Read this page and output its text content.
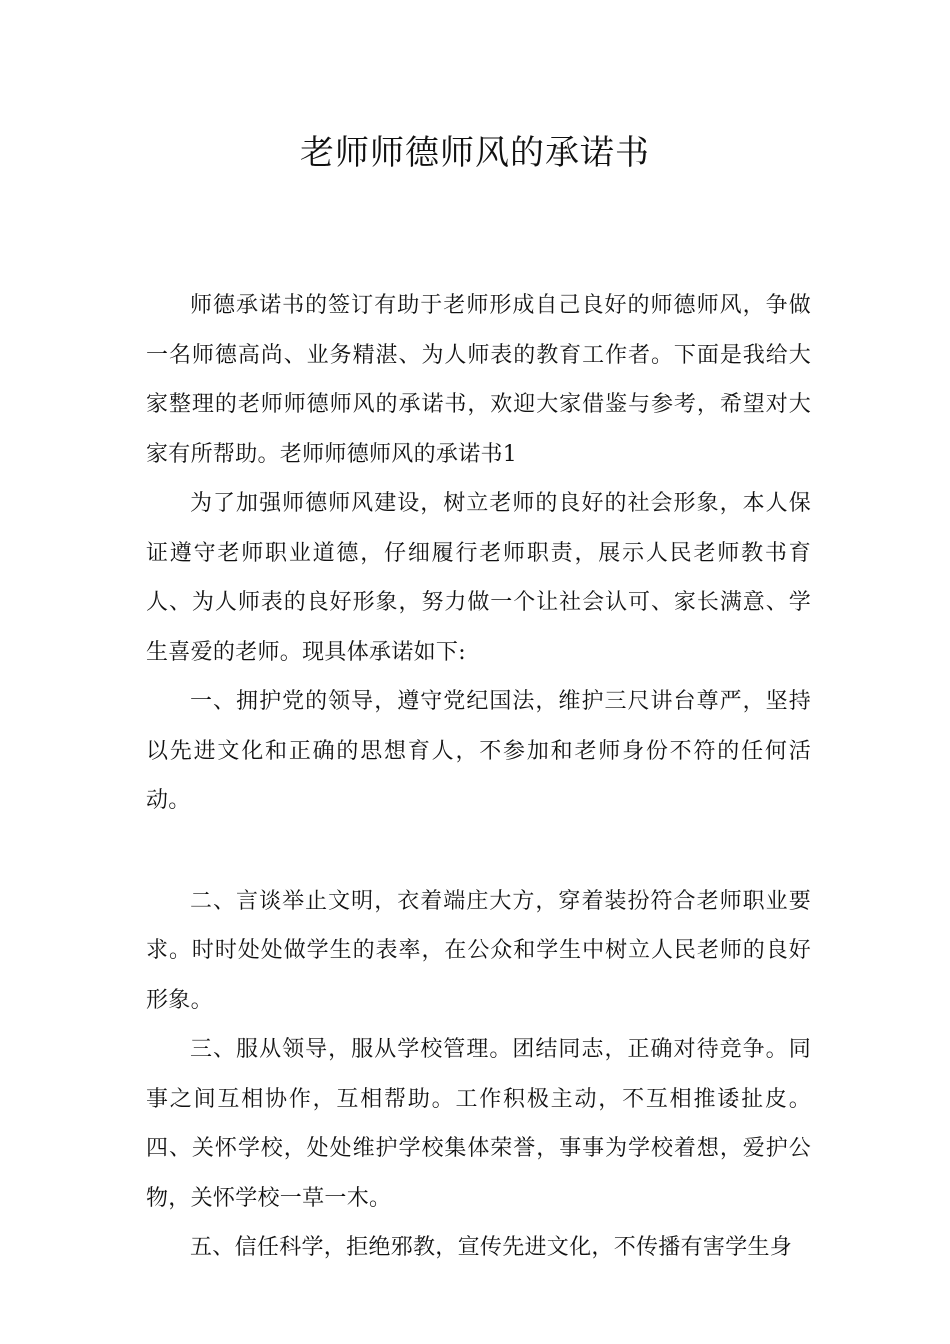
老师师德师风的承诺书

师德承诺书的签订有助于老师形成自己良好的师德师风，争做一名师德高尚、业务精湛、为人师表的教育工作者。下面是我给大家整理的老师师德师风的承诺书，欢迎大家借鉴与参考，希望对大家有所帮助。老师师德师风的承诺书1

为了加强师德师风建设，树立老师的良好的社会形象，本人保证遵守老师职业道德，仔细履行老师职责，展示人民老师教书育人、为人师表的良好形象，努力做一个让社会认可、家长满意、学生喜爱的老师。现具体承诺如下:

一、拥护党的领导，遵守党纪国法，维护三尺讲台尊严，坚持以先进文化和正确的思想育人，不参加和老师身份不符的任何活动。

二、言谈举止文明，衣着端庄大方，穿着装扮符合老师职业要求。时时处处做学生的表率，在公众和学生中树立人民老师的良好形象。

三、服从领导，服从学校管理。团结同志，正确对待竞争。同事之间互相协作，互相帮助。工作积极主动，不互相推诿扯皮。四、关怀学校，处处维护学校集体荣誉，事事为学校着想，爱护公物，关怀学校一草一木。

五、信任科学，拒绝邪教，宣传先进文化，不传播有害学生身
